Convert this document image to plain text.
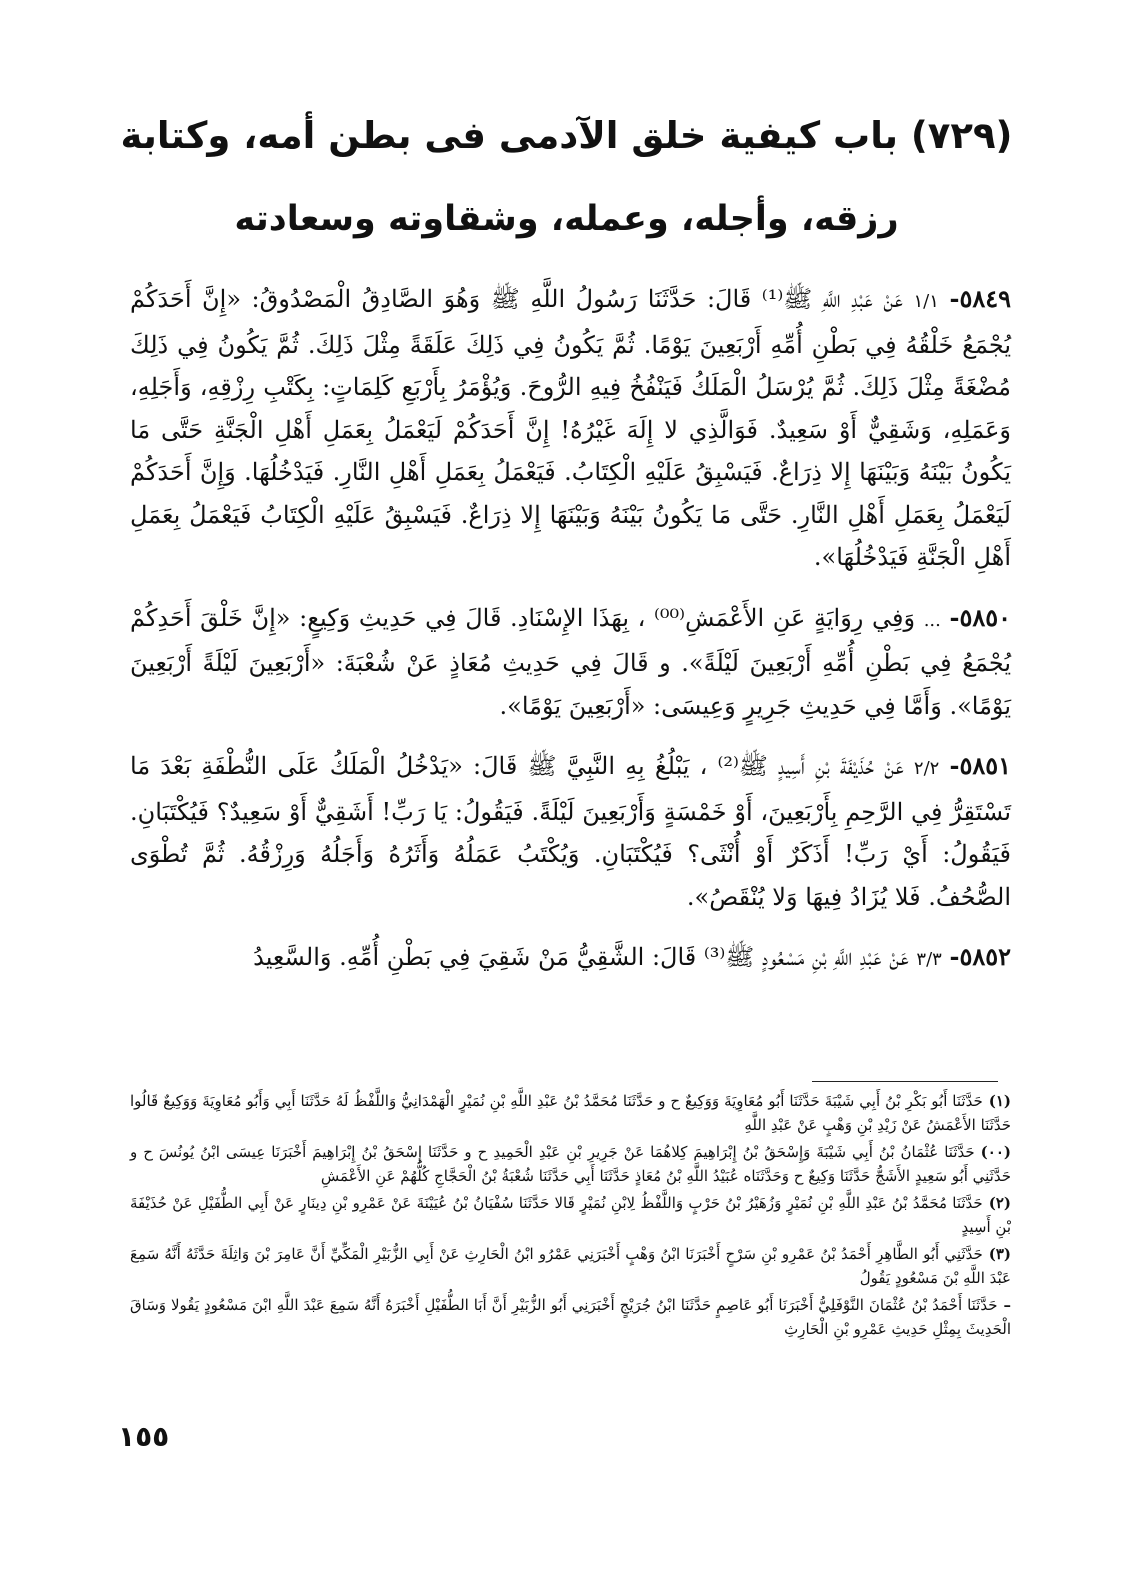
(٧٢٩) باب كيفية خلق الآدمى فى بطن أمه، وكتابة

رزقه، وأجله، وعمله، وشقاوته وسعادته

٥٨٤٩- ١/١ عَنْ عَبْدِ اللَّهِ ﷺ⁽¹⁾ قَالَ: حَدَّثَنَا رَسُولُ اللَّهِ ﷺ وَهُوَ الصَّادِقُ الْمَصْدُوقُ: «إِنَّ أَحَدَكُمْ يُجْمَعُ خَلْقُهُ فِي بَطْنِ أُمِّهِ أَرْبَعِينَ يَوْمًا. ثُمَّ يَكُونُ فِي ذَلِكَ عَلَقَةً مِثْلَ ذَلِكَ. ثُمَّ يَكُونُ فِي ذَلِكَ مُضْغَةً مِثْلَ ذَلِكَ. ثُمَّ يُرْسَلُ الْمَلَكُ فَيَنْفُخُ فِيهِ الرُّوحَ. وَيُؤْمَرُ بِأَرْبَعِ كَلِمَاتٍ: بِكَتْبِ رِزْقِهِ، وَأَجَلِهِ، وَعَمَلِهِ، وَشَقِيٌّ أَوْ سَعِيدٌ. فَوَالَّذِي لا إِلَهَ غَيْرُهُ! إِنَّ أَحَدَكُمْ لَيَعْمَلُ بِعَمَلِ أَهْلِ الْجَنَّةِ حَتَّى مَا يَكُونُ بَيْنَهُ وَبَيْنَهَا إِلا ذِرَاعٌ. فَيَسْبِقُ عَلَيْهِ الْكِتَابُ. فَيَعْمَلُ بِعَمَلِ أَهْلِ النَّارِ. فَيَدْخُلُهَا. وَإِنَّ أَحَدَكُمْ لَيَعْمَلُ بِعَمَلِ أَهْلِ النَّارِ. حَتَّى مَا يَكُونُ بَيْنَهُ وَبَيْنَهَا إِلا ذِرَاعٌ. فَيَسْبِقُ عَلَيْهِ الْكِتَابُ فَيَعْمَلُ بِعَمَلِ أَهْلِ الْجَنَّةِ فَيَدْخُلُهَا».

٥٨٥٠- ... وَفِي رِوَايَةٍ عَنِ الأَعْمَشِ⁽⁰⁰⁾ ، بِهَذَا الإِسْنَادِ. قَالَ فِي حَدِيثِ وَكِيعٍ: «إِنَّ خَلْقَ أَحَدِكُمْ يُجْمَعُ فِي بَطْنِ أُمِّهِ أَرْبَعِينَ لَيْلَةً». و قَالَ فِي حَدِيثِ مُعَاذٍ عَنْ شُعْبَةَ: «أَرْبَعِينَ لَيْلَةً أَرْبَعِينَ يَوْمًا». وَأَمَّا فِي حَدِيثِ جَرِيرٍ وَعِيسَى: «أَرْبَعِينَ يَوْمًا».

٥٨٥١- ٢/٢ عَنْ حُذَيْفَةَ بْنِ أَسِيدٍ ﷺ⁽²⁾ ، يَبْلُغُ بِهِ النَّبِيَّ ﷺ قَالَ: «يَدْخُلُ الْمَلَكُ عَلَى النُّطْفَةِ بَعْدَ مَا تَسْتَقِرُّ فِي الرَّحِمِ بِأَرْبَعِينَ، أَوْ خَمْسَةٍ وَأَرْبَعِينَ لَيْلَةً. فَيَقُولُ: يَا رَبِّ! أَشَقِيٌّ أَوْ سَعِيدٌ؟ فَيُكْتَبَانِ. فَيَقُولُ: أَيْ رَبِّ! أَذَكَرٌ أَوْ أُنْثَى؟ فَيُكْتَبَانِ. وَيُكْتَبُ عَمَلُهُ وَأَثَرُهُ وَأَجَلُهُ وَرِزْقُهُ. ثُمَّ تُطْوَى الصُّحُفُ. فَلا يُزَادُ فِيهَا وَلا يُنْقَصُ».

٥٨٥٢- ٣/٣ عَنْ عَبْدِ اللَّهِ بْنِ مَسْعُودٍ ﷺ⁽³⁾ قَالَ: الشَّقِيُّ مَنْ شَقِيَ فِي بَطْنِ أُمِّهِ. وَالسَّعِيدُ

(١)حَدَّثَنَا أَبُو بَكْرِ بْنُ أَبِي شَيْبَةَ حَدَّثَنَا أَبُو مُعَاوِيَةَ وَوَكِيعٌ ح و حَدَّثَنَا مُحَمَّدُ بْنُ عَبْدِ اللَّهِ بْنِ نُمَيْرٍ الْهَمْدَانِيُّ وَاللَّفْظُ لَهُ حَدَّثَنَا أَبِي وَأَبُو مُعَاوِيَةَ وَوَكِيعٌ قَالُوا حَدَّثَنَا الأَعْمَشُ عَنْ زَيْدِ بْنِ وَهْبٍ عَنْ عَبْدِ اللَّهِ

(٠٠)حَدَّثَنَا عُثْمَانُ بْنُ أَبِي شَيْبَةَ وَإِسْحَقُ بْنُ إِبْرَاهِيمَ كِلاهُمَا عَنْ جَرِيرِ بْنِ عَبْدِ الْحَمِيدِ ح و حَدَّثَنَا إِسْحَقُ بْنُ إِبْرَاهِيمَ أَخْبَرَنَا عِيسَى ابْنُ يُونُسَ ح و حَدَّثَنِي أَبُو سَعِيدٍ الأَشَجُّ حَدَّثَنَا وَكِيعٌ ح وَحَدَّثَنَاه عُبَيْدُ اللَّهِ بْنُ مُعَاذٍ حَدَّثَنَا أَبِي حَدَّثَنَا شُعْبَةُ بْنُ الْحَجَّاجِ كُلُّهُمْ عَنِ الأَعْمَشِ

(٢)حَدَّثَنَا مُحَمَّدُ بْنُ عَبْدِ اللَّهِ بْنِ نُمَيْرٍ وَزُهَيْرُ بْنُ حَرْبٍ وَاللَّفْظُ لِابْنِ نُمَيْرٍ قَالا حَدَّثَنَا سُفْيَانُ بْنُ عُيَيْنَةَ عَنْ عَمْرِو بْنِ دِينَارٍ عَنْ أَبِي الطُّفَيْلِ عَنْ حُذَيْفَةَ بْنِ أَسِيدٍ

(٣)حَدَّثَنِي أَبُو الطَّاهِرِ أَحْمَدُ بْنُ عَمْرِو بْنِ سَرْحٍ أَخْبَرَنَا ابْنُ وَهْبٍ أَخْبَرَنِي عَمْرُو ابْنُ الْحَارِثِ عَنْ أَبِي الزُّبَيْرِ الْمَكِّيِّ أَنَّ عَامِرَ بْنَ وَاثِلَةَ حَدَّثَهُ أَنَّهُ سَمِعَ عَبْدَ اللَّهِ بْنَ مَسْعُودٍ يَقُولُ

–حَدَّثَنَا أَحْمَدُ بْنُ عُثْمَانَ النَّوْفَلِيُّ أَخْبَرَنَا أَبُو عَاصِمٍ حَدَّثَنَا ابْنُ جُرَيْجٍ أَخْبَرَنِي أَبُو الزُّبَيْرِ أَنَّ أَبَا الطُّفَيْلِ أَخْبَرَهُ أَنَّهُ سَمِعَ عَبْدَ اللَّهِ ابْنَ مَسْعُودٍ يَقُولا وَسَاقَ الْحَدِيثَ بِمِثْلِ حَدِيثِ عَمْرِو بْنِ الْحَارِثِ

١٥٥
